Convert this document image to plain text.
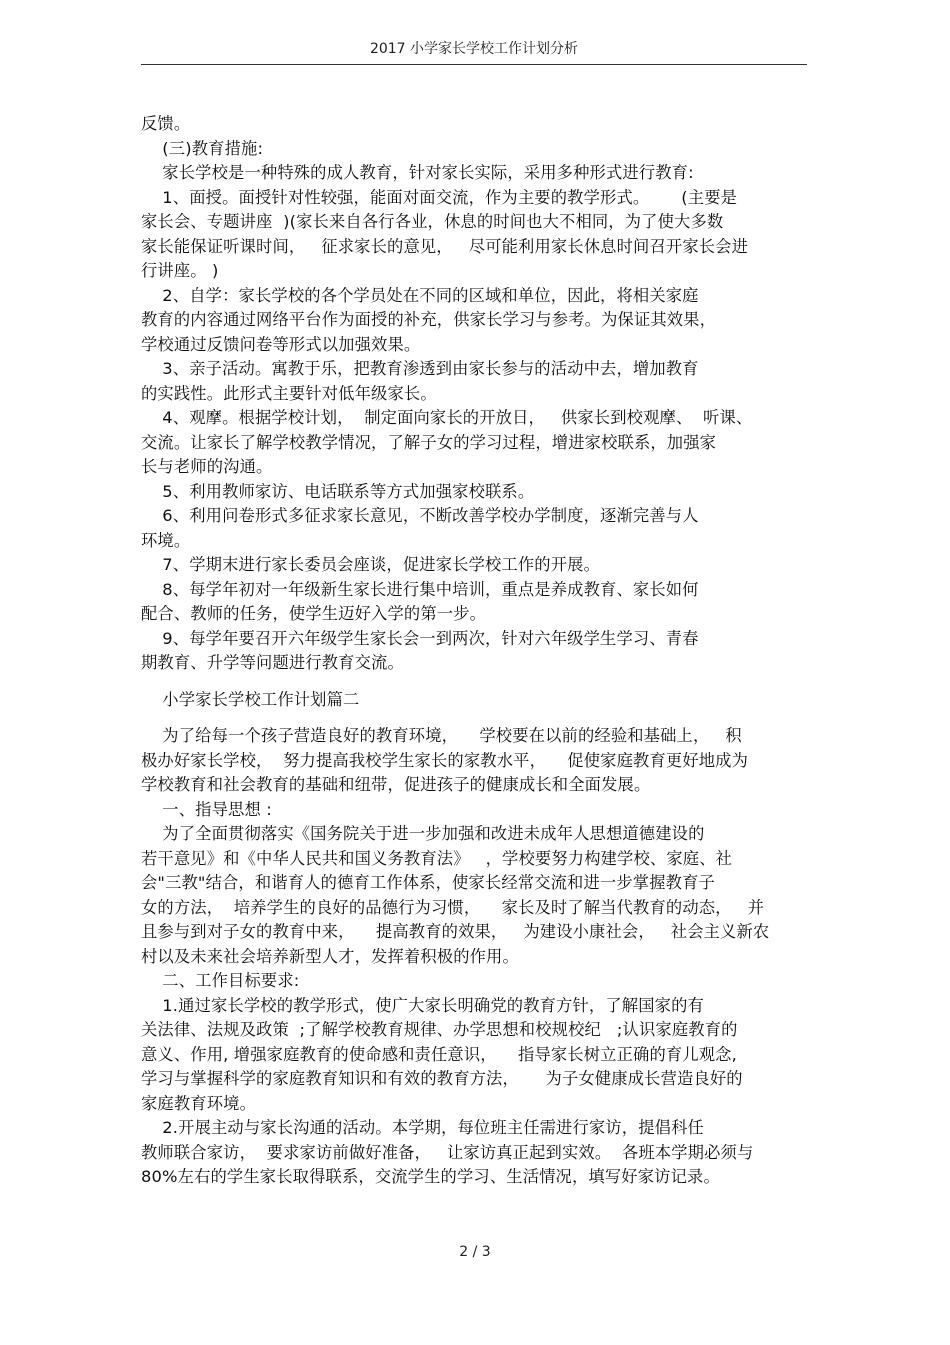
2017 小学家长学校工作计划分析

反馈。

(三)教育措施:

家长学校是一种特殊的成人教育，针对家长实际，采用多种形式进行教育:

1、面授。面授针对性较强，能面对面交流，作为主要的教学形式。      (主要是

家长会、专题讲座  )(家长来自各行各业，休息的时间也大不相同，为了使大多数

家长能保证听课时间，   征求家长的意见，   尽可能利用家长休息时间召开家长会进

行讲座。 )

2、自学：家长学校的各个学员处在不同的区域和单位，因此，将相关家庭

教育的内容通过网络平台作为面授的补充，供家长学习与参考。为保证其效果，

学校通过反馈问卷等形式以加强效果。

3、亲子活动。寓教于乐，把教育渗透到由家长参与的活动中去，增加教育

的实践性。此形式主要针对低年级家长。

4、观摩。根据学校计划，  制定面向家长的开放日，   供家长到校观摩、  听课、

交流。让家长了解学校教学情况，了解子女的学习过程，增进家校联系，加强家

长与老师的沟通。

5、利用教师家访、电话联系等方式加强家校联系。

6、利用问卷形式多征求家长意见，不断改善学校办学制度，逐渐完善与人

环境。

7、学期末进行家长委员会座谈，促进家长学校工作的开展。

8、每学年初对一年级新生家长进行集中培训，重点是养成教育、家长如何

配合、教师的任务，使学生迈好入学的第一步。

9、每学年要召开六年级学生家长会一到两次，针对六年级学生学习、青春

期教育、升学等问题进行教育交流。

小学家长学校工作计划篇二

为了给每一个孩子营造良好的教育环境，    学校要在以前的经验和基础上，   积

极办好家长学校，  努力提高我校学生家长的家教水平，    促使家庭教育更好地成为

学校教育和社会教育的基础和纽带，促进孩子的健康成长和全面发展。

一、指导思想 :

为了全面贯彻落实《国务院关于进一步加强和改进未成年人思想道德建设的

若干意见》和《中华人民共和国义务教育法》   ，学校要努力构建学校、家庭、社

会"三教"结合，和谐育人的德育工作体系，使家长经常交流和进一步掌握教育子

女的方法，  培养学生的良好的品德行为习惯，    家长及时了解当代教育的动态，   并

且参与到对子女的教育中来，    提高教育的效果，   为建设小康社会，   社会主义新农

村以及未来社会培养新型人才，发挥着积极的作用。

二、工作目标要求:

1.通过家长学校的教学形式，使广大家长明确党的教育方针，了解国家的有

关法律、法规及政策  ;了解学校教育规律、办学思想和校规校纪   ;认识家庭教育的

意义、作用, 增强家庭教育的使命感和责任意识，    指导家长树立正确的育儿观念,

学习与掌握科学的家庭教育知识和有效的教育方法，     为子女健康成长营造良好的

家庭教育环境。

2.开展主动与家长沟通的活动。本学期，每位班主任需进行家访，提倡科任

教师联合家访，  要求家访前做好准备，   让家访真正起到实效。  各班本学期必须与

80%左右的学生家长取得联系，交流学生的学习、生活情况，填写好家访记录。

2 / 3
